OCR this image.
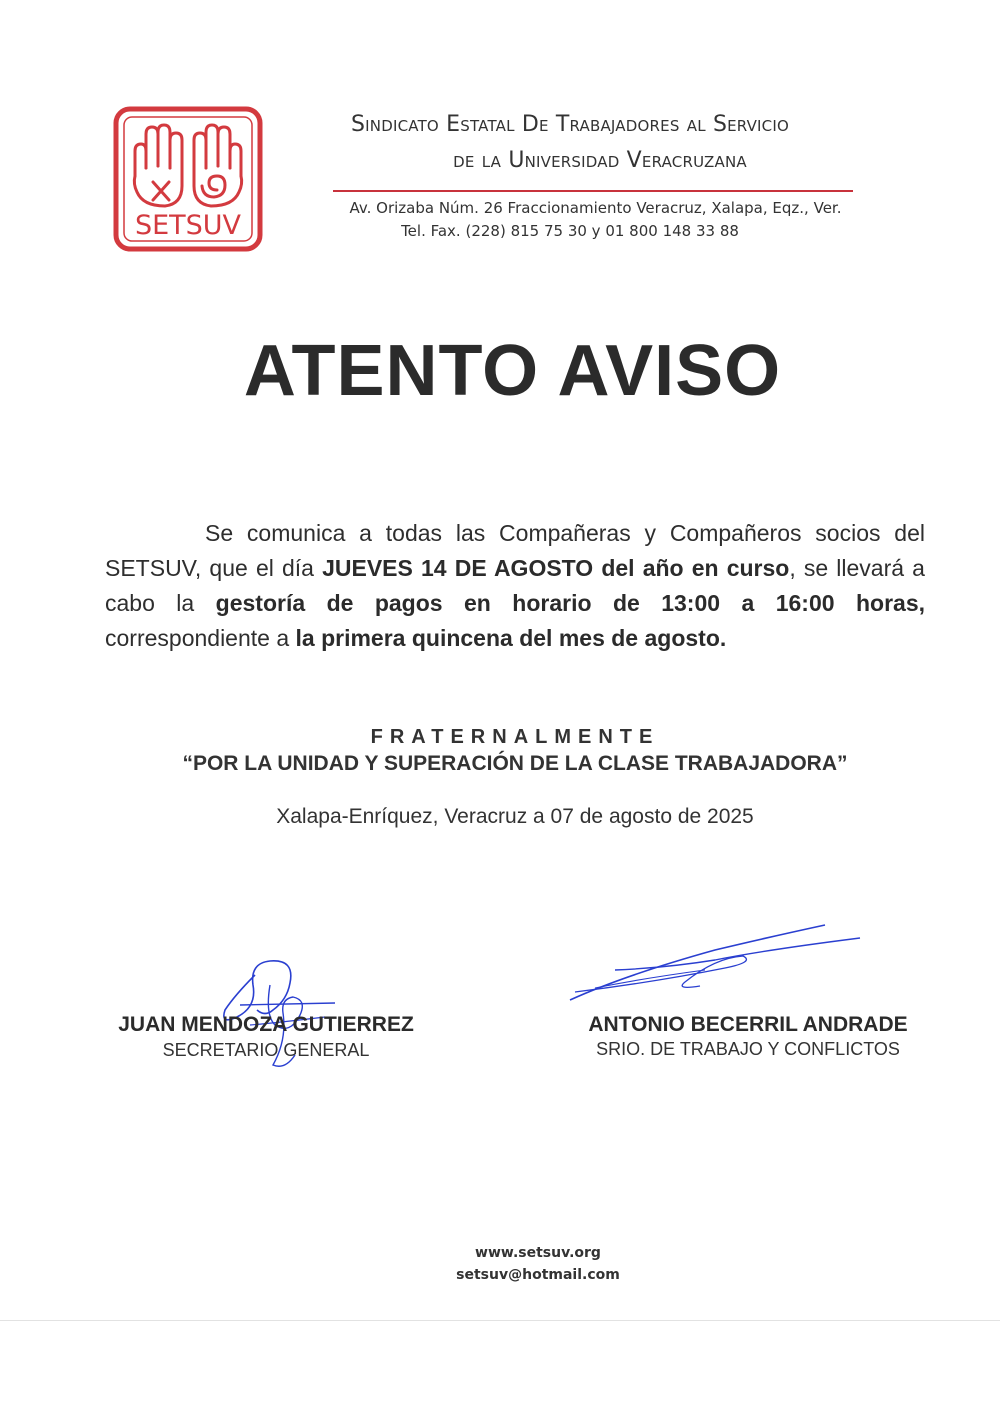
SETSUV
Sindicato Estatal De Trabajadores al Servicio
de la Universidad Veracruzana
Av. Orizaba Núm. 26 Fraccionamiento Veracruz, Xalapa, Eqz., Ver.
Tel. Fax. (228) 815 75 30 y 01 800 148 33 88
ATENTO AVISO

Se comunica a todas las Compañeras y Compañeros socios del SETSUV, que el día JUEVES 14 DE AGOSTO del año en curso, se llevará a cabo la gestoría de pagos en horario de 13:00 a 16:00 horas, correspondiente a la primera quincena del mes de agosto.

FRATERNALMENTE
“POR LA UNIDAD Y SUPERACIÓN DE LA CLASE TRABAJADORA”
Xalapa-Enríquez, Veracruz a 07 de agosto de 2025
JUAN MENDOZA GUTIERREZ
SECRETARIO GENERAL
ANTONIO BECERRIL ANDRADE
SRIO. DE TRABAJO Y CONFLICTOS
www.setsuv.org
setsuv@hotmail.com
